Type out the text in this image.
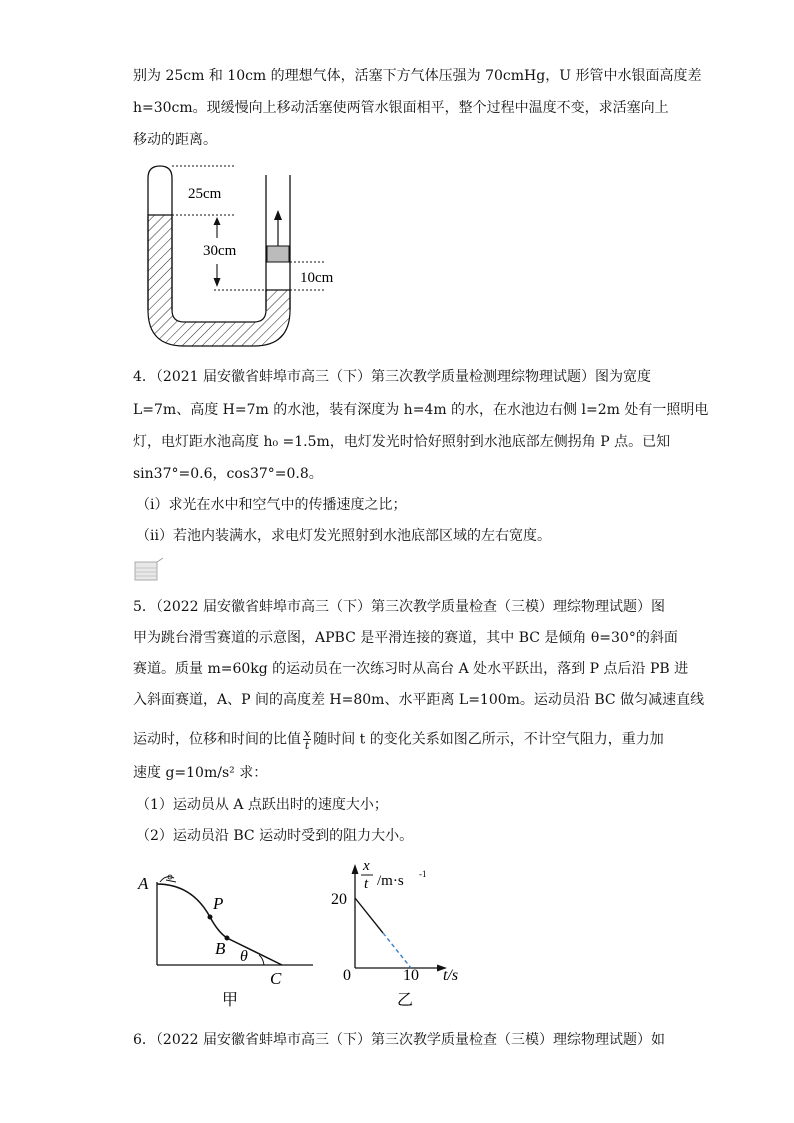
别为 25cm 和 10cm 的理想气体，活塞下方气体压强为 70cmHg，U 形管中水银面高度差
h=30cm。现缓慢向上移动活塞使两管水银面相平，整个过程中温度不变，求活塞向上
移动的距离。
25cm
30cm
10cm
4．（2021 届安徽省蚌埠市高三（下）第三次教学质量检测理综物理试题）图为宽度
L=7m、高度 H=7m 的水池，装有深度为 h=4m 的水，在水池边右侧 l=2m 处有一照明电
灯，电灯距水池高度 h₀ =1.5m，电灯发光时恰好照射到水池底部左侧拐角 P 点。已知
sin37°=0.6，cos37°=0.8。
（i）求光在水中和空气中的传播速度之比；
（ii）若池内装满水，求电灯发光照射到水池底部区域的左右宽度。
5．（2022 届安徽省蚌埠市高三（下）第三次教学质量检查（三模）理综物理试题）图
甲为跳台滑雪赛道的示意图，APBC 是平滑连接的赛道，其中 BC 是倾角 θ=30°的斜面
赛道。质量 m=60kg 的运动员在一次练习时从高台 A 处水平跃出，落到 P 点后沿 PB 进
入斜面赛道，A、P 间的高度差 H=80m、水平距离 L=100m。运动员沿 BC 做匀减速直线
运动时，位移和时间的比值 $\frac{x}{t}$ 随时间 t 的变化关系如图乙所示，不计空气阻力，重力加
速度 g=10m/s² 求：
（1）运动员从 A 点跃出时的速度大小；
（2）运动员沿 BC 运动时受到的阻力大小。
A
P
B θ
C
甲
x
t /m·s -1
20
0	10 t/s
乙
6．（2022 届安徽省蚌埠市高三（下）第三次教学质量检查（三模）理综物理试题）如
